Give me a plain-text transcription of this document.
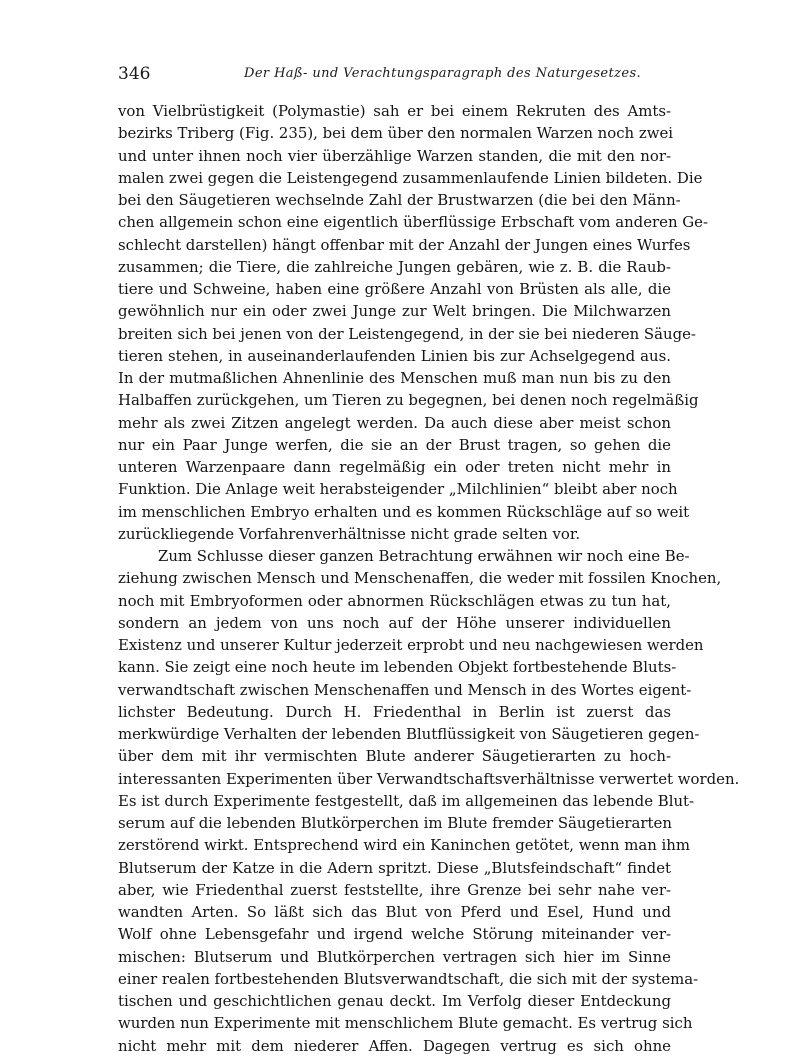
346	Der Haß- und Verachtungsparagraph des Naturgesetzes.
von Vielbrüstigkeit (Polymastie) sah er bei einem Rekruten des Amts-
bezirks Triberg (Fig. 235), bei dem über den normalen Warzen noch zwei
und unter ihnen noch vier überzählige Warzen standen, die mit den nor-
malen zwei gegen die Leistengegend zusammenlaufende Linien bildeten. Die
bei den Säugetieren wechselnde Zahl der Brustwarzen (die bei den Männ-
chen allgemein schon eine eigentlich überflüssige Erbschaft vom anderen Ge-
schlecht darstellen) hängt offenbar mit der Anzahl der Jungen eines Wurfes
zusammen; die Tiere, die zahlreiche Jungen gebären, wie z. B. die Raub-
tiere und Schweine, haben eine größere Anzahl von Brüsten als alle, die
gewöhnlich nur ein oder zwei Junge zur Welt bringen. Die Milchwarzen
breiten sich bei jenen von der Leistengegend, in der sie bei niederen Säuge-
tieren stehen, in auseinanderlaufenden Linien bis zur Achselgegend aus.
In der mutmaßlichen Ahnenlinie des Menschen muß man nun bis zu den
Halbaffen zurückgehen, um Tieren zu begegnen, bei denen noch regelmäßig
mehr als zwei Zitzen angelegt werden. Da auch diese aber meist schon
nur ein Paar Junge werfen, die sie an der Brust tragen, so gehen die
unteren Warzenpaare dann regelmäßig ein oder treten nicht mehr in
Funktion. Die Anlage weit herabsteigender „Milchlinien“ bleibt aber noch
im menschlichen Embryo erhalten und es kommen Rückschläge auf so weit
zurückliegende Vorfahrenverhältnisse nicht grade selten vor.
Zum Schlusse dieser ganzen Betrachtung erwähnen wir noch eine Be-
ziehung zwischen Mensch und Menschenaffen, die weder mit fossilen Knochen,
noch mit Embryoformen oder abnormen Rückschlägen etwas zu tun hat,
sondern an jedem von uns noch auf der Höhe unserer individuellen
Existenz und unserer Kultur jederzeit erprobt und neu nachgewiesen werden
kann. Sie zeigt eine noch heute im lebenden Objekt fortbestehende Bluts-
verwandtschaft zwischen Menschenaffen und Mensch in des Wortes eigent-
lichster Bedeutung. Durch H. Friedenthal in Berlin ist zuerst das
merkwürdige Verhalten der lebenden Blutflüssigkeit von Säugetieren gegen-
über dem mit ihr vermischten Blute anderer Säugetierarten zu hoch-
interessanten Experimenten über Verwandtschaftsverhältnisse verwertet worden.
Es ist durch Experimente festgestellt, daß im allgemeinen das lebende Blut-
serum auf die lebenden Blutkörperchen im Blute fremder Säugetierarten
zerstörend wirkt. Entsprechend wird ein Kaninchen getötet, wenn man ihm
Blutserum der Katze in die Adern spritzt. Diese „Blutsfeindschaft“ findet
aber, wie Friedenthal zuerst feststellte, ihre Grenze bei sehr nahe ver-
wandten Arten. So läßt sich das Blut von Pferd und Esel, Hund und
Wolf ohne Lebensgefahr und irgend welche Störung miteinander ver-
mischen: Blutserum und Blutkörperchen vertragen sich hier im Sinne
einer realen fortbestehenden Blutsverwandtschaft, die sich mit der systema-
tischen und geschichtlichen genau deckt. Im Verfolg dieser Entdeckung
wurden nun Experimente mit menschlichem Blute gemacht. Es vertrug sich
nicht mehr mit dem niederer Affen. Dagegen vertrug es sich ohne
